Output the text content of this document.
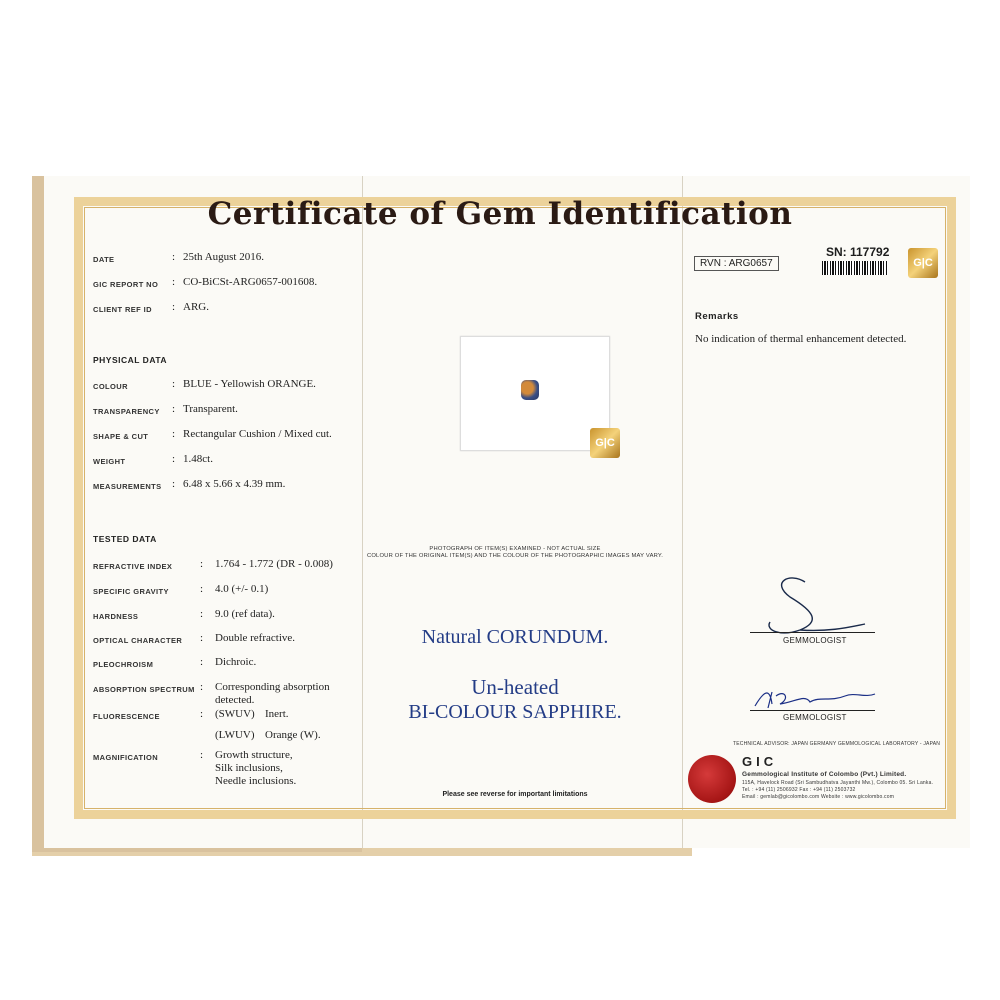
Certificate of Gem Identification
DATE	: 25th August 2016.
GIC REPORT NO : CO-BiCSt-ARG0657-001608.
CLIENT REF ID : ARG.
PHYSICAL DATA
COLOUR	: BLUE - Yellowish ORANGE.
TRANSPARENCY : Transparent.
SHAPE & CUT : Rectangular Cushion / Mixed cut.
WEIGHT	: 1.48ct.
MEASUREMENTS : 6.48 x 5.66 x 4.39 mm.
TESTED DATA
REFRACTIVE INDEX	: 1.764 - 1.772 (DR - 0.008)
SPECIFIC GRAVITY	: 4.0 (+/- 0.1)
HARDNESS	: 9.0 (ref data).
OPTICAL CHARACTER : Double refractive.
PLEOCHROISM	: Dichroic.
ABSORPTION SPECTRUM : Corresponding absorption detected.
FLUORESCENCE	: (SWUV) Inert.
(LWUV) Orange (W).
MAGNIFICATION	: Growth structure,
Silk inclusions,
Needle inclusions.
G|C
PHOTOGRAPH OF ITEM(S) EXAMINED - NOT ACTUAL SIZE
COLOUR OF THE ORIGINAL ITEM(S) AND THE COLOUR OF THE PHOTOGRAPHIC IMAGES MAY VARY.
Natural CORUNDUM.
Un-heated
BI-COLOUR SAPPHIRE.
Please see reverse for important limitations
RVN : ARG0657
SN: 117792
G|C
Remarks
No indication of thermal enhancement detected.
GEMMOLOGIST
GEMMOLOGIST
TECHNICAL ADVISOR: JAPAN GERMANY GEMMOLOGICAL LABORATORY - JAPAN
GIC
Gemmological Institute of Colombo (Pvt.) Limited.
115A, Havelock Road (Sri Sambudhatva Jayanthi Mw.), Colombo 05. Sri Lanka.
Tel. : +94 (11) 2506932 Fax : +94 (11) 2503732
Email : gemlab@gicolombo.com Website : www.gicolombo.com
